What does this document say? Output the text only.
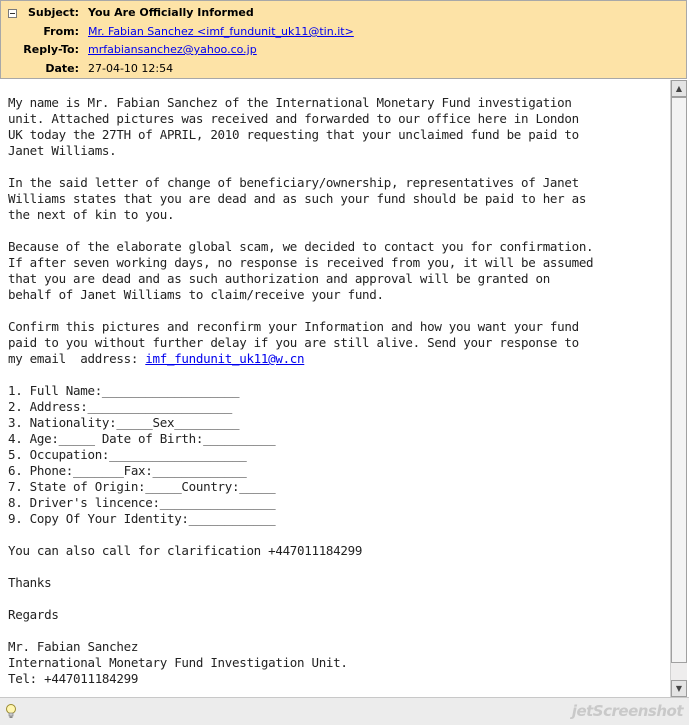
Subject: You Are Officially Informed
From: Mr. Fabian Sanchez <imf_fundunit_uk11@tin.it>
Reply-To: mrfabiansanchez@yahoo.co.jp
Date: 27-04-10 12:54
My name is Mr. Fabian Sanchez of the International Monetary Fund investigation
unit. Attached pictures was received and forwarded to our office here in London
UK today the 27TH of APRIL, 2010 requesting that your unclaimed fund be paid to
Janet Williams.

In the said letter of change of beneficiary/ownership, representatives of Janet
Williams states that you are dead and as such your fund should be paid to her as
the next of kin to you.

Because of the elaborate global scam, we decided to contact you for confirmation.
If after seven working days, no response is received from you, it will be assumed
that you are dead and as such authorization and approval will be granted on
behalf of Janet Williams to claim/receive your fund.

Confirm this pictures and reconfirm your Information and how you want your fund
paid to you without further delay if you are still alive. Send your response to
my email  address: imf_fundunit_uk11@w.cn

1. Full Name:___________________
2. Address:____________________
3. Nationality:_____Sex_________
4. Age:_____ Date of Birth:__________
5. Occupation:___________________
6. Phone:_______Fax:_____________
7. State of Origin:_____Country:_____
8. Driver's lincence:________________
9. Copy Of Your Identity:____________

You can also call for clarification +447011184299

Thanks

Regards

Mr. Fabian Sanchez
International Monetary Fund Investigation Unit.
Tel: +447011184299
▲
▼
jetScreenshot
